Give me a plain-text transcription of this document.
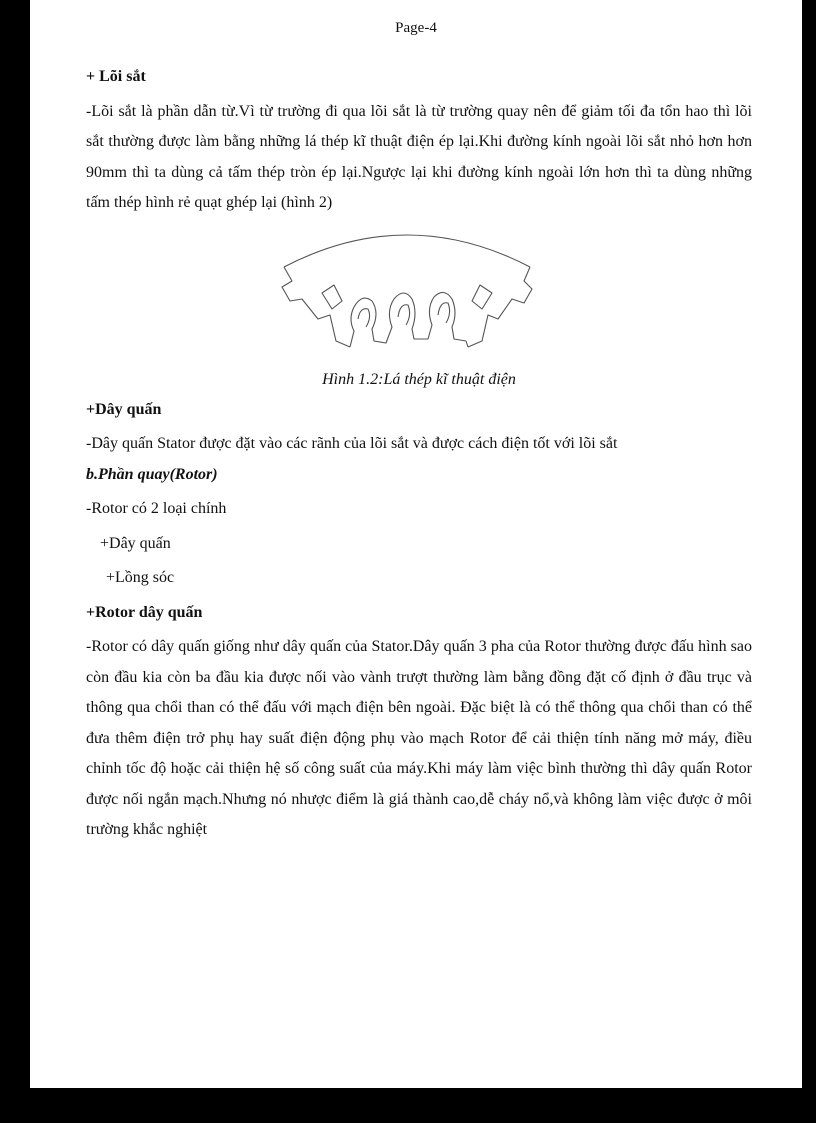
Page-4

+ Lõi sắt

-Lõi sắt là phần dẫn từ.Vì từ trường đi qua lõi sắt là từ trường quay nên để giảm tối đa tổn hao thì lõi sắt thường được làm bằng những lá thép kĩ thuật điện ép lại.Khi đường kính ngoài lõi sắt nhỏ hơn hơn 90mm thì ta dùng cả tấm thép tròn ép lại.Ngược lại khi đường kính ngoài lớn hơn thì ta dùng những tấm thép hình rẻ quạt ghép lại (hình 2)

Hình 1.2:Lá thép kĩ thuật điện

+Dây quấn

-Dây quấn Stator được đặt vào các rãnh của lõi sắt và được cách điện tốt với lõi sắt

b.Phần quay(Rotor)

-Rotor có 2 loại chính

+Dây quấn

+Lồng sóc

+Rotor dây quấn

-Rotor có dây quấn giống như dây quấn của Stator.Dây quấn 3 pha của Rotor thường được đấu hình sao còn đầu kia còn ba đầu kia được nối vào vành trượt thường làm bằng đồng đặt cố định ở đầu trục và thông qua chổi than có thể đấu với mạch điện bên ngoài. Đặc biệt là có thể thông qua chổi than có thể đưa thêm điện trở phụ hay suất điện động phụ vào mạch Rotor để cải thiện tính năng mở máy, điều chỉnh tốc độ hoặc cải thiện hệ số công suất của máy.Khi máy làm việc bình thường thì dây quấn Rotor được nối ngắn mạch.Nhưng nó nhược điểm là giá thành cao,dễ cháy nổ,và không làm việc được ở môi trường khắc nghiệt
